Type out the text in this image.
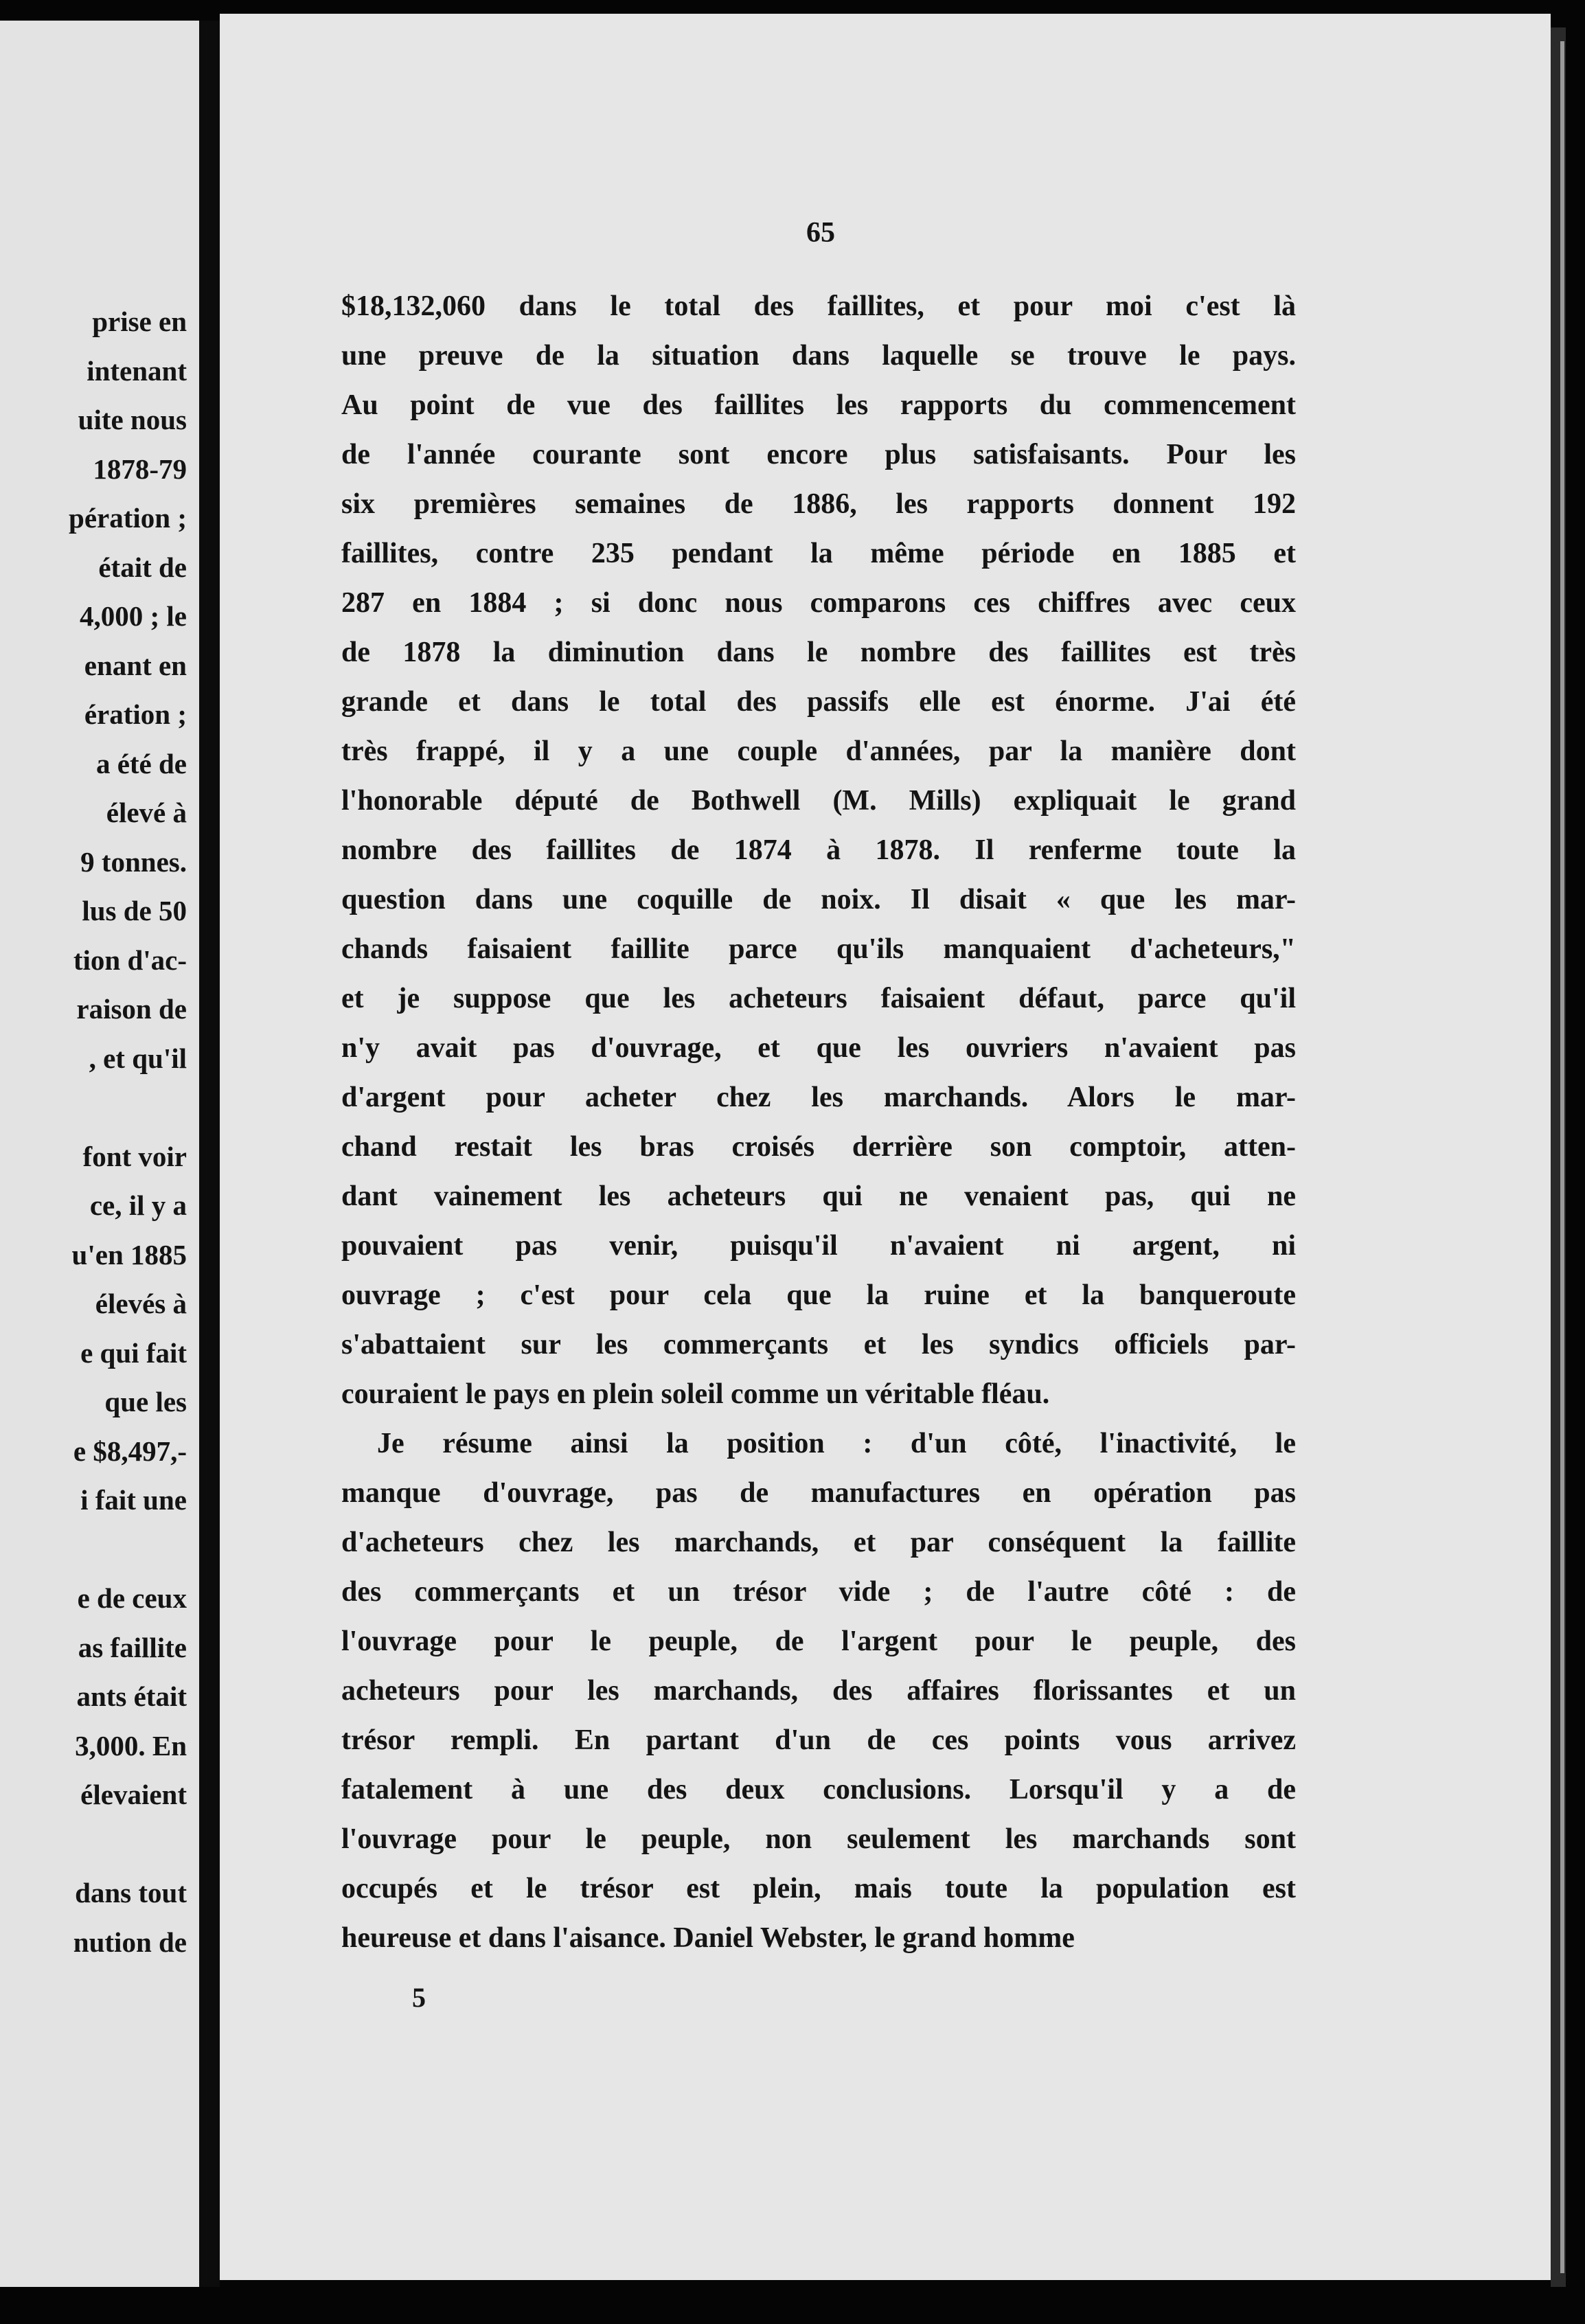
prise en
intenant
uite nous
1878-79
pération ;
était de
4,000 ; le
enant en
ération ;
a été de
élevé à
9 tonnes.
lus de 50
tion d'ac-
raison de
, et qu'il
font voir
ce, il y a
u'en 1885
élevés à
e qui fait
que les
e $8,497,-
i fait une
e de ceux
as faillite
ants était
3,000. En
élevaient
dans tout
nution de
65
$18,132,060 dans le total des faillites, et pour moi c'est là
une preuve de la situation dans laquelle se trouve le pays.
Au point de vue des faillites les rapports du commencement
de l'année courante sont encore plus satisfaisants. Pour les
six premières semaines de 1886, les rapports donnent 192
faillites, contre 235 pendant la même période en 1885 et
287 en 1884 ; si donc nous comparons ces chiffres avec ceux
de 1878 la diminution dans le nombre des faillites est très
grande et dans le total des passifs elle est énorme. J'ai été
très frappé, il y a une couple d'années, par la manière dont
l'honorable député de Bothwell (M. Mills) expliquait le grand
nombre des faillites de 1874 à 1878. Il renferme toute la
question dans une coquille de noix. Il disait « que les mar-
chands faisaient faillite parce qu'ils manquaient d'acheteurs,"
et je suppose que les acheteurs faisaient défaut, parce qu'il
n'y avait pas d'ouvrage, et que les ouvriers n'avaient pas
d'argent pour acheter chez les marchands. Alors le mar-
chand restait les bras croisés derrière son comptoir, atten-
dant vainement les acheteurs qui ne venaient pas, qui ne
pouvaient pas venir, puisqu'il n'avaient ni argent, ni
ouvrage ; c'est pour cela que la ruine et la banqueroute
s'abattaient sur les commerçants et les syndics officiels par-
couraient le pays en plein soleil comme un véritable fléau.
Je résume ainsi la position : d'un côté, l'inactivité, le
manque d'ouvrage, pas de manufactures en opération pas
d'acheteurs chez les marchands, et par conséquent la faillite
des commerçants et un trésor vide ; de l'autre côté : de
l'ouvrage pour le peuple, de l'argent pour le peuple, des
acheteurs pour les marchands, des affaires florissantes et un
trésor rempli. En partant d'un de ces points vous arrivez
fatalement à une des deux conclusions. Lorsqu'il y a de
l'ouvrage pour le peuple, non seulement les marchands sont
occupés et le trésor est plein, mais toute la population est
heureuse et dans l'aisance. Daniel Webster, le grand homme
5
